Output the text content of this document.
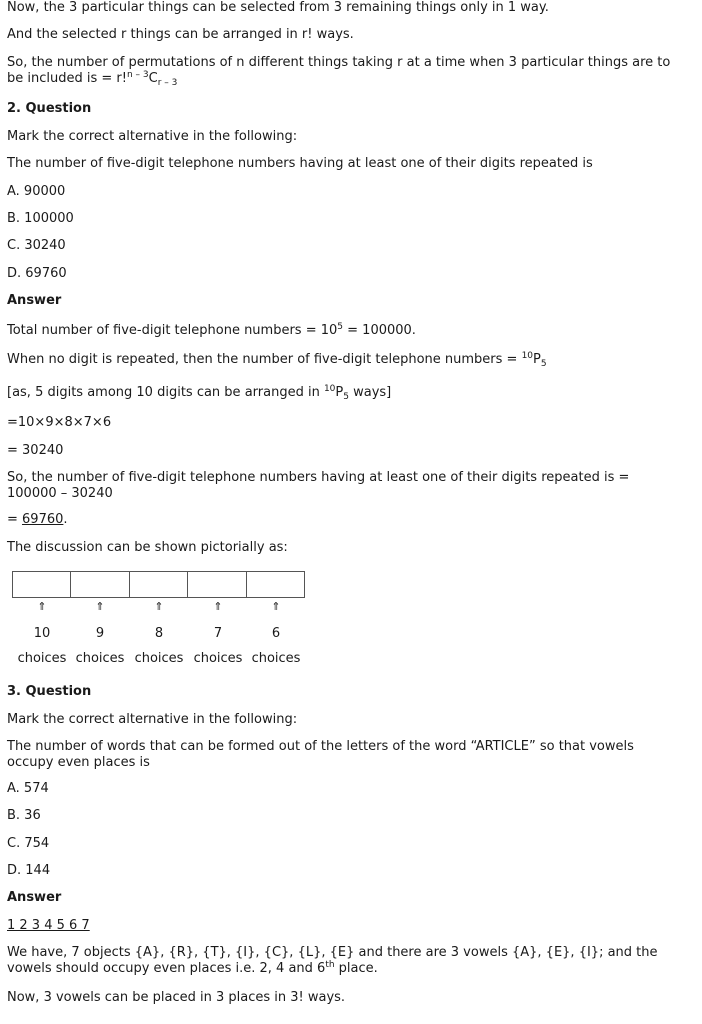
Now, the 3 particular things can be selected from 3 remaining things only in 1 way.
And the selected r things can be arranged in r! ways.
So, the number of permutations of n different things taking r at a time when 3 particular things are to be included is = $r!^{n - 3}C_{r - 3}$
2. Question
Mark the correct alternative in the following:
The number of five-digit telephone numbers having at least one of their digits repeated is
A. 90000
B. 100000
C. 30240
D. 69760
Answer
Total number of five-digit telephone numbers = $10^5 = 100000$.
When no digit is repeated, then the number of five-digit telephone numbers = $^{10}P_5$
[as, 5 digits among 10 digits can be arranged in $^{10}P_5$ ways]
=10×9×8×7×6
= 30240
So, the number of five-digit telephone numbers having at least one of their digits repeated is = 100000 – 30240
= 69760.
The discussion can be shown pictorially as:
⇑	⇑	⇑	⇑	⇑
10	9	8	7	6
choices choices choices choices choices
3. Question
Mark the correct alternative in the following:
The number of words that can be formed out of the letters of the word “ARTICLE” so that vowels occupy even places is
A. 574
B. 36
C. 754
D. 144
Answer
1 2 3 4 5 6 7
We have, 7 objects {A}, {R}, {T}, {I}, {C}, {L}, {E} and there are 3 vowels {A}, {E}, {I}; and the vowels should occupy even places i.e. 2, 4 and 6th place.
Now, 3 vowels can be placed in 3 places in 3! ways.
